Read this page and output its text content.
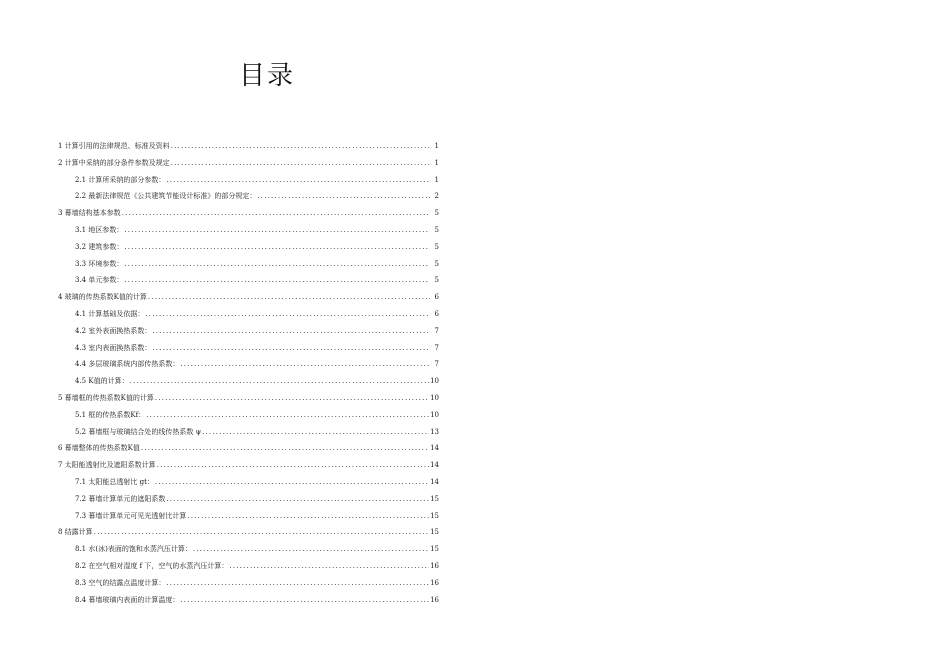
目录
1 计算引用的法律规范、标准及资料 .....	1
2 计算中采纳的部分条件参数及规定 .....	1
2.1 计算所采纳的部分参数： .....	1
2.2 最新法律规范《公共建筑节能设计标准》的部分规定： .....	2
3 幕墙结构基本参数 .....	5
3.1 地区参数： .....	5
3.2 建筑参数： .....	5
3.3 环境参数： .....	5
3.4 单元参数： .....	5
4 玻璃的传热系数K值的计算 .....	6
4.1 计算基础及依据： .....	6
4.2 室外表面换热系数： .....	7
4.3 室内表面换热系数： .....	7
4.4 多层玻璃系统内部传热系数： .....	7
4.5 K值的计算： .....	10
5 幕墙框的传热系数K值的计算 .....	10
5.1 框的传热系数Kf： .....	10
5.2 幕墙框与玻璃结合处的线传热系数 ψ .....	13
6 幕墙整体的传热系数K值 .....	14
7 太阳能透射比及遮阳系数计算 .....	14
7.1 太阳能总透射比 gt： .....	14
7.2 幕墙计算单元的遮阳系数 .....	15
7.3 幕墙计算单元可见光透射比计算 .....	15
8 结露计算 .....	15
8.1 水(冰)表面的饱和水蒸汽压计算： .....	15
8.2 在空气相对湿度 f 下，空气的水蒸汽压计算： .....	16
8.3 空气的结露点温度计算： .....	16
8.4 幕墙玻璃内表面的计算温度： .....	16
